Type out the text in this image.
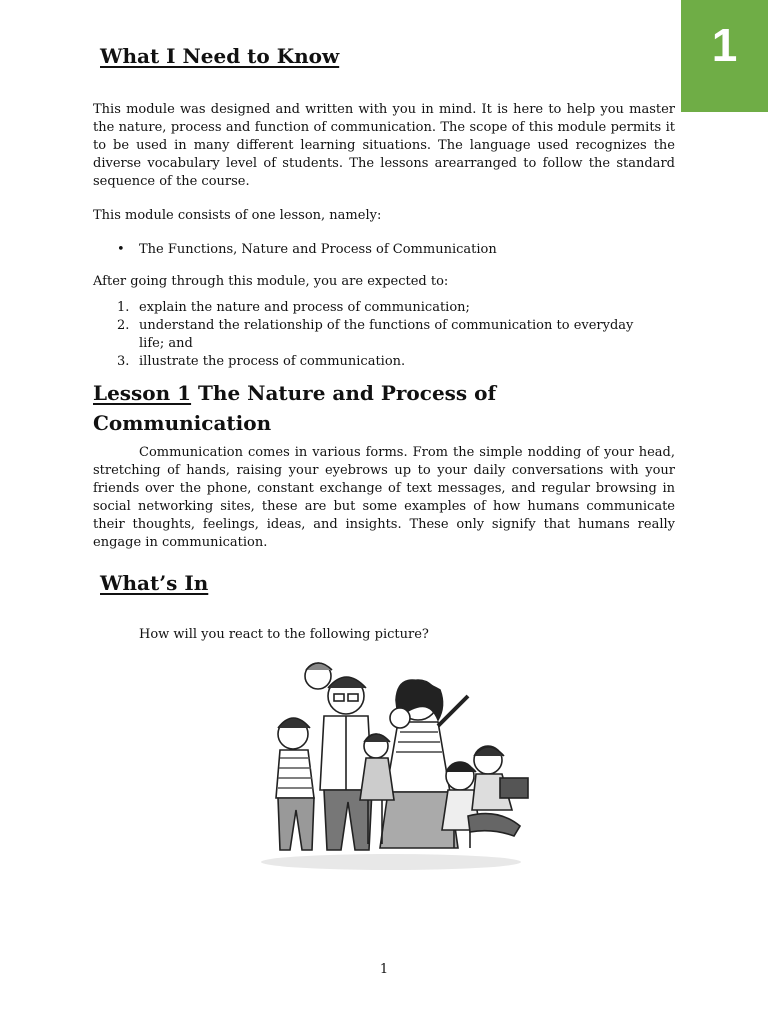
1
What I Need to Know

This module was designed and written with you in mind. It is here to help you master the nature, process and function of communication. The scope of this module permits it to be used in many different learning situations. The language used recognizes the diverse vocabulary level of students. The lessons arearranged to follow the standard sequence of the course.

This module consists of one lesson, namely:

• The Functions, Nature and Process of Communication

After going through this module, you are expected to:

1. explain the nature and process of communication;
2. understand the relationship of the functions of communication to everyday life; and
3. illustrate the process of communication.
Lesson 1 The Nature and Process of Communication

Communication comes in various forms. From the simple nodding of your head, stretching of hands, raising your eyebrows up to your daily conversations with your friends over the phone, constant exchange of text messages, and regular browsing in social networking sites, these are but some examples of how humans communicate their thoughts, feelings, ideas, and insights. These only signify that humans really engage in communication.

What’s In

How will you react to the following picture?

1
